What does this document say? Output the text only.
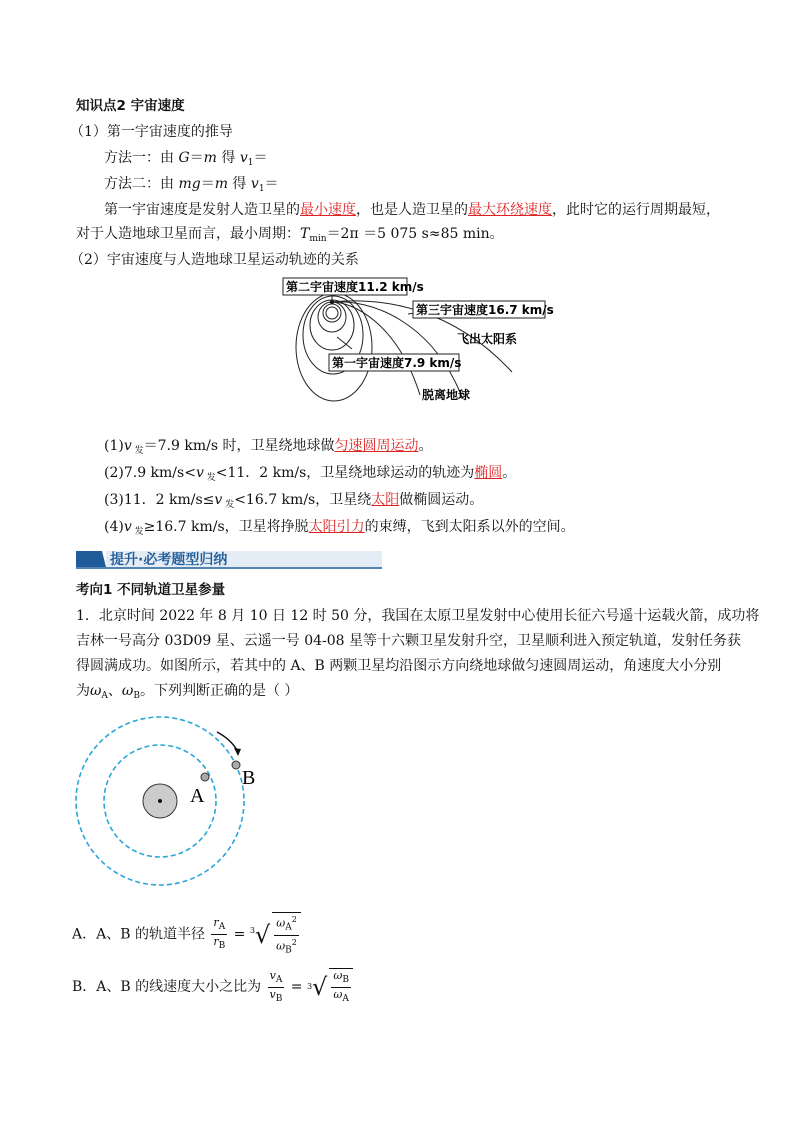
知识点2 宇宙速度
（1）第一宇宙速度的推导
方法一：由 G＝m 得 $v_1=$
方法二：由 mg＝m 得 $v_1=$
第一宇宙速度是发射人造卫星的最小速度，也是人造卫星的最大环绕速度，此时它的运行周期最短，
对于人造地球卫星而言，最小周期：$T_{min}=2\pi =5$ 075 s≈85 min。
（2）宇宙速度与人造地球卫星运动轨迹的关系
第二宇宙速度11.2 km/s
第三宇宙速度16.7 km/s
飞出太阳系
第一宇宙速度7.9 km/s
脱离地球
(1)v $_发$＝7.9 km/s 时，卫星绕地球做匀速圆周运动。
(2)7.9 km/s<v $_发$<11．2 km/s，卫星绕地球运动的轨迹为椭圆。
(3)11．2 km/s≤v $_发$<16.7 km/s，卫星绕太阳做椭圆运动。
(4)v $_发$≥16.7 km/s，卫星将挣脱太阳引力的束缚，飞到太阳系以外的空间。
提升·必考题型归纳
考向1 不同轨道卫星参量
1．北京时间 2022 年 8 月 10 日 12 时 50 分，我国在太原卫星发射中心使用长征六号遥十运载火箭，成功将
吉林一号高分 03D09 星、云遥一号 04-08 星等十六颗卫星发射升空，卫星顺利进入预定轨道，发射任务获
得圆满成功。如图所示，若其中的 A、B 两颗卫星均沿图示方向绕地球做匀速圆周运动，角速度大小分别
为$\omega_A$、$\omega_B$。下列判断正确的是（ ）
A
B
A．A、B 的轨道半径 $\frac{r_A}{r_B} = 3$ √ $\frac{\omega_A^2}{\omega_B^2}$
B．A、B 的线速度大小之比为 $\frac{v_A}{v_B} = 3$ √ $\frac{\omega_B}{\omega_A}$
